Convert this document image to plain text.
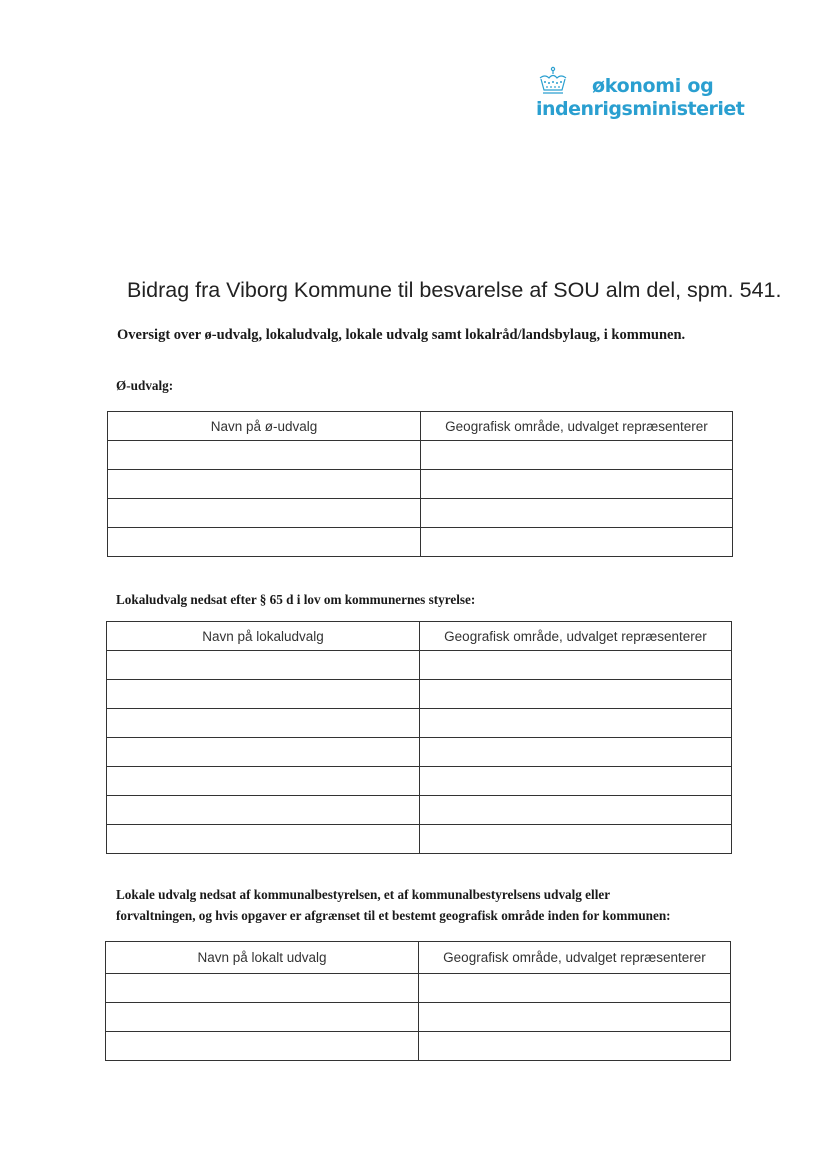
økonomi og
indenrigsministeriet
Bidrag fra Viborg Kommune til besvarelse af SOU alm del, spm. 541.
Oversigt over ø-udvalg, lokaludvalg, lokale udvalg samt lokalråd/landsbylaug, i kommunen.
Ø-udvalg:
Navn på ø-udvalg	Geografisk område, udvalget repræsenterer

Lokaludvalg nedsat efter § 65 d i lov om kommunernes styrelse:
Navn på lokaludvalg	Geografisk område, udvalget repræsenterer

Lokale udvalg nedsat af kommunalbestyrelsen, et af kommunalbestyrelsens udvalg eller
forvaltningen, og hvis opgaver er afgrænset til et bestemt geografisk område inden for kommunen:
Navn på lokalt udvalg	Geografisk område, udvalget repræsenterer
